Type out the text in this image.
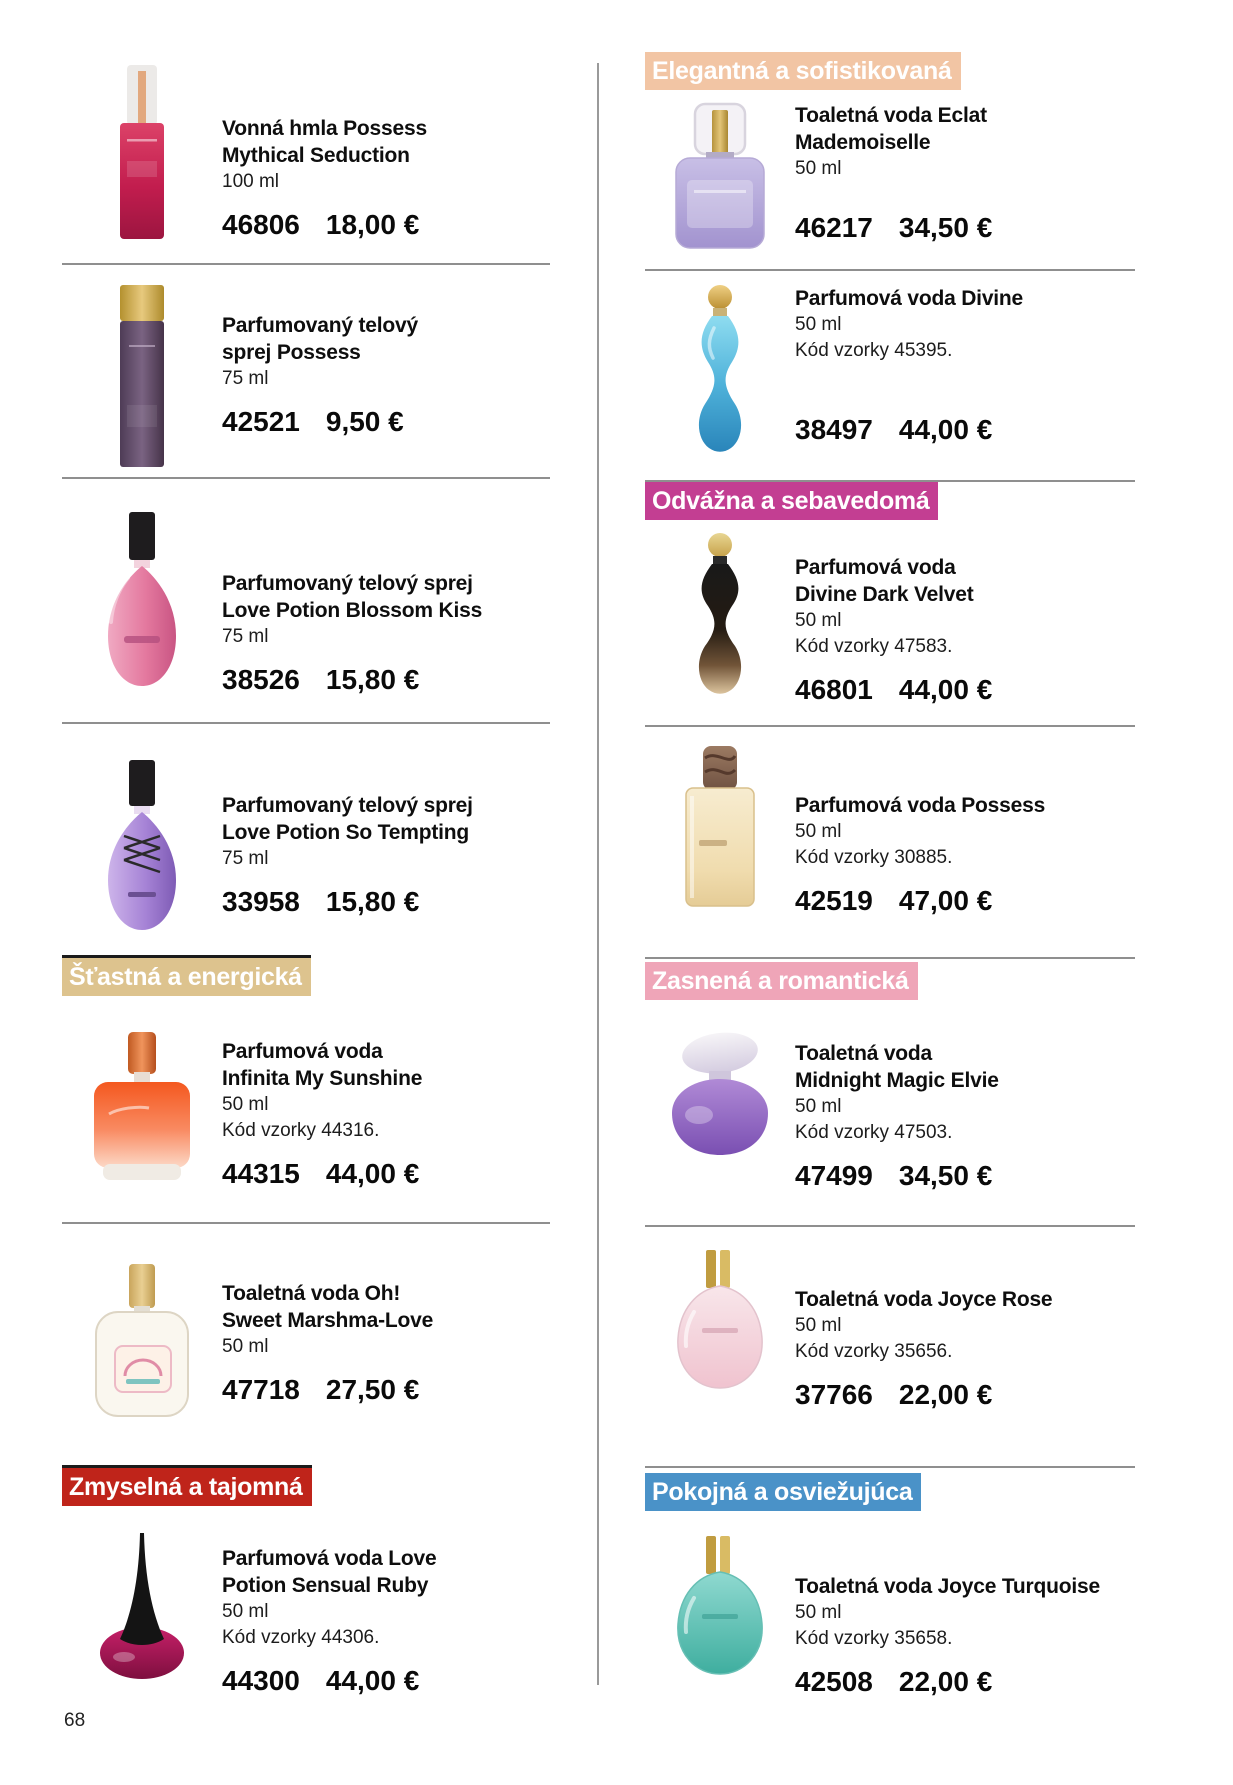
Vonná hmla Possess
Mythical Seduction
100 ml
46806 18,00 €
Parfumovaný telový
sprej Possess
75 ml
42521 9,50 €
Parfumovaný telový sprej
Love Potion Blossom Kiss
75 ml
38526 15,80 €
Parfumovaný telový sprej
Love Potion So Tempting
75 ml
33958 15,80 €
Šťastná a energická
Parfumová voda
Infinita My Sunshine
50 ml
Kód vzorky 44316.
44315 44,00 €
Toaletná voda Oh!
Sweet Marshma-Love
50 ml
47718 27,50 €
Zmyselná a tajomná
Parfumová voda Love
Potion Sensual Ruby
50 ml
Kód vzorky 44306.
44300 44,00 €
Elegantná a sofistikovaná
Toaletná voda Eclat
Mademoiselle
50 ml
46217 34,50 €
Parfumová voda Divine
50 ml
Kód vzorky 45395.
38497 44,00 €
Odvážna a sebavedomá
Parfumová voda
Divine Dark Velvet
50 ml
Kód vzorky 47583.
46801 44,00 €
Parfumová voda Possess
50 ml
Kód vzorky 30885.
42519 47,00 €
Zasnená a romantická
Toaletná voda
Midnight Magic Elvie
50 ml
Kód vzorky 47503.
47499 34,50 €
Toaletná voda Joyce Rose
50 ml
Kód vzorky 35656.
37766 22,00 €
Pokojná a osviežujúca
Toaletná voda Joyce Turquoise
50 ml
Kód vzorky 35658.
42508 22,00 €
68
